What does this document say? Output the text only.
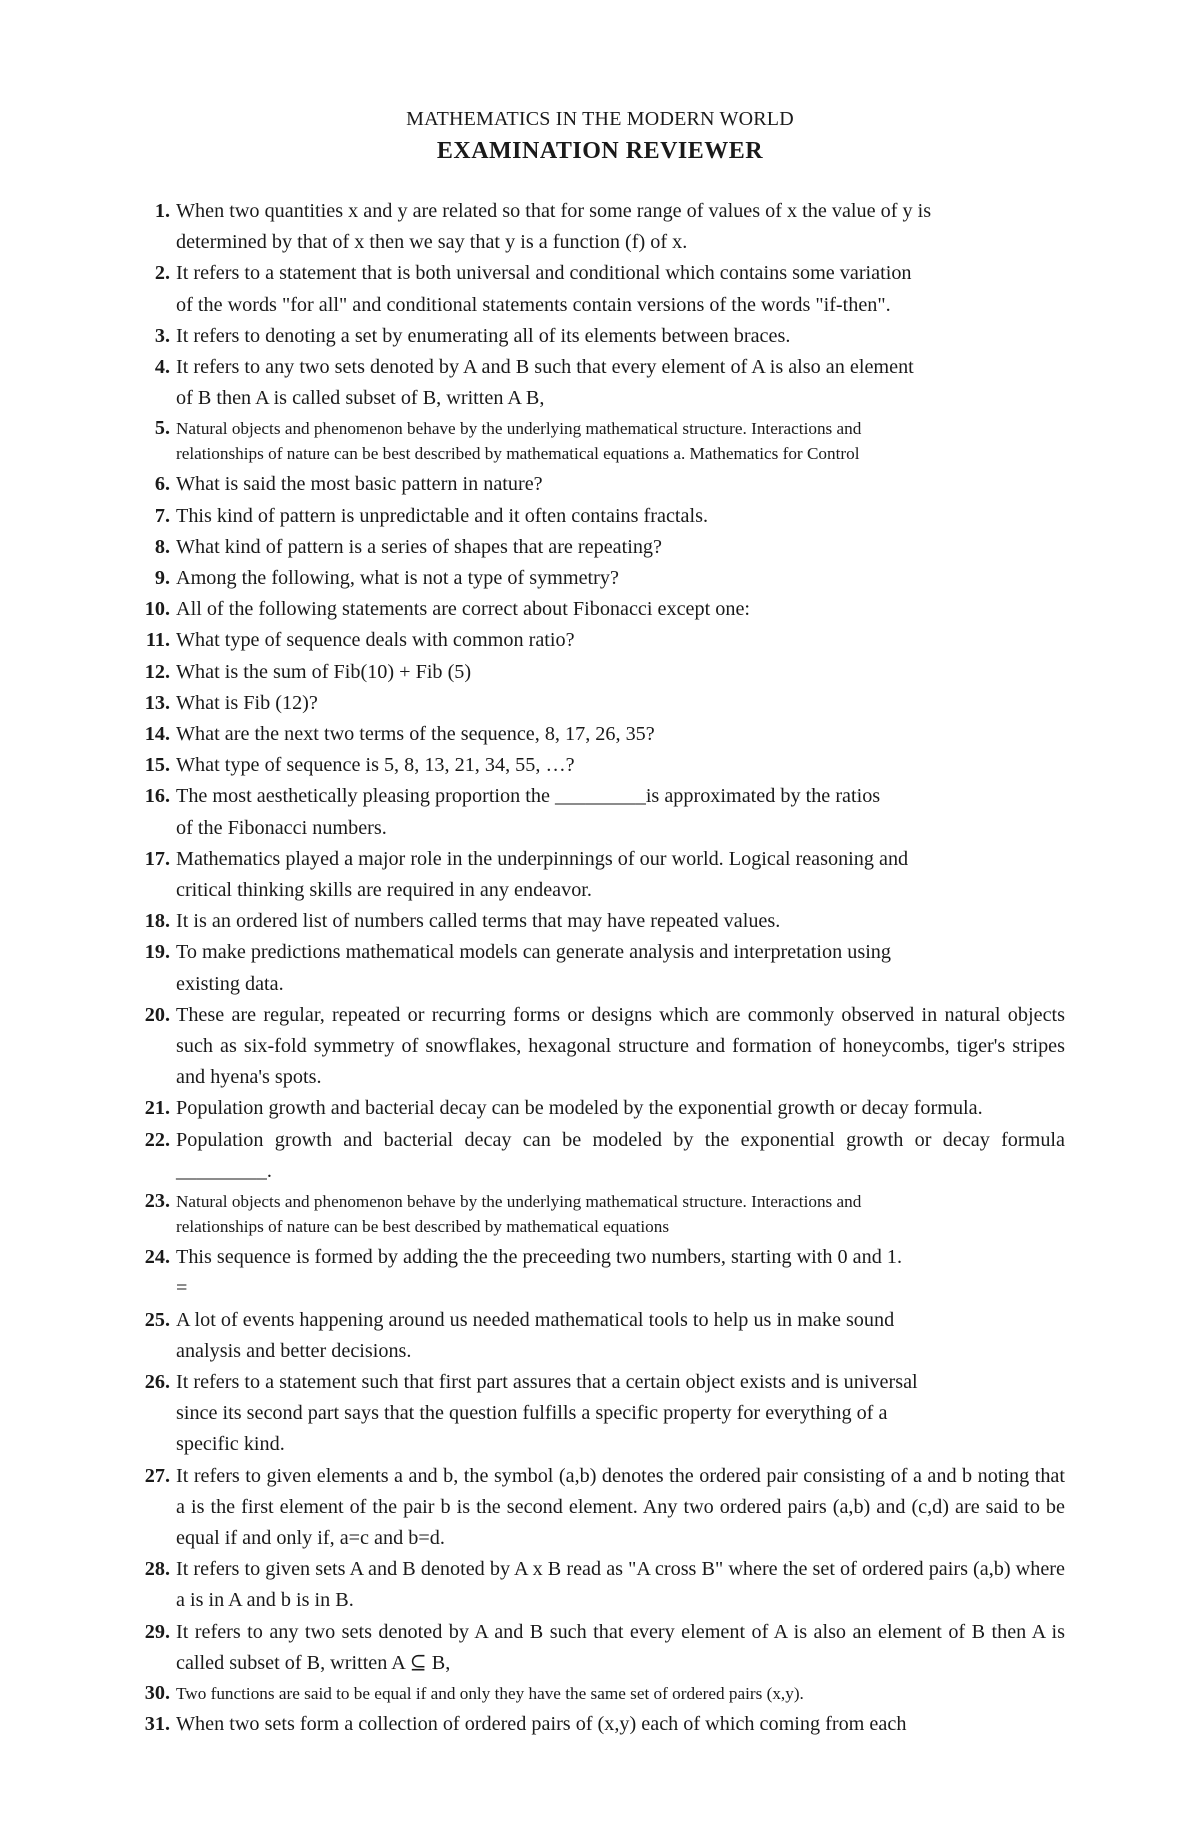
MATHEMATICS IN THE MODERN WORLD
EXAMINATION REVIEWER
1. When two quantities x and y are related so that for some range of values of x the value of y is
determined by that of x then we say that y is a function (f) of x.
2. It refers to a statement that is both universal and conditional which contains some variation
of the words "for all" and conditional statements contain versions of the words "if-then".
3. It refers to denoting a set by enumerating all of its elements between braces.
4. It refers to any two sets denoted by A and B such that every element of A is also an element
of B then A is called subset of B, written A B,
5. Natural objects and phenomenon behave by the underlying mathematical structure. Interactions and
relationships of nature can be best described by mathematical equations a. Mathematics for Control
6. What is said the most basic pattern in nature?
7. This kind of pattern is unpredictable and it often contains fractals.
8. What kind of pattern is a series of shapes that are repeating?
9. Among the following, what is not a type of symmetry?
10. All of the following statements are correct about Fibonacci except one:
11. What type of sequence deals with common ratio?
12. What is the sum of Fib(10) + Fib (5)
13. What is Fib (12)?
14. What are the next two terms of the sequence, 8, 17, 26, 35?
15. What type of sequence is 5, 8, 13, 21, 34, 55, …?
16. The most aesthetically pleasing proportion the _________is approximated by the ratios
of the Fibonacci numbers.
17. Mathematics played a major role in the underpinnings of our world. Logical reasoning and
critical thinking skills are required in any endeavor.
18. It is an ordered list of numbers called terms that may have repeated values.
19. To make predictions mathematical models can generate analysis and interpretation using
existing data.
20. These are regular, repeated or recurring forms or designs which are commonly observed in natural objects such as six-fold symmetry of snowflakes, hexagonal structure and formation of honeycombs, tiger's stripes and hyena's spots.
21. Population growth and bacterial decay can be modeled by the exponential growth or decay formula.
22. Population growth and bacterial decay can be modeled by the exponential growth or decay formula _________.
23. Natural objects and phenomenon behave by the underlying mathematical structure. Interactions and
relationships of nature can be best described by mathematical equations
24. This sequence is formed by adding the the preceeding two numbers, starting with 0 and 1.
=
25. A lot of events happening around us needed mathematical tools to help us in make sound
analysis and better decisions.
26. It refers to a statement such that first part assures that a certain object exists and is universal
since its second part says that the question fulfills a specific property for everything of a
specific kind.
27. It refers to given elements a and b, the symbol (a,b) denotes the ordered pair consisting of a and b noting that a is the first element of the pair b is the second element. Any two ordered pairs (a,b) and (c,d) are said to be equal if and only if, a=c and b=d.
28. It refers to given sets A and B denoted by A x B read as "A cross B" where the set of ordered pairs (a,b) where a is in A and b is in B.
29. It refers to any two sets denoted by A and B such that every element of A is also an element of B then A is called subset of B, written A ⊆ B,
30. Two functions are said to be equal if and only they have the same set of ordered pairs (x,y).
31. When two sets form a collection of ordered pairs of (x,y) each of which coming from each
